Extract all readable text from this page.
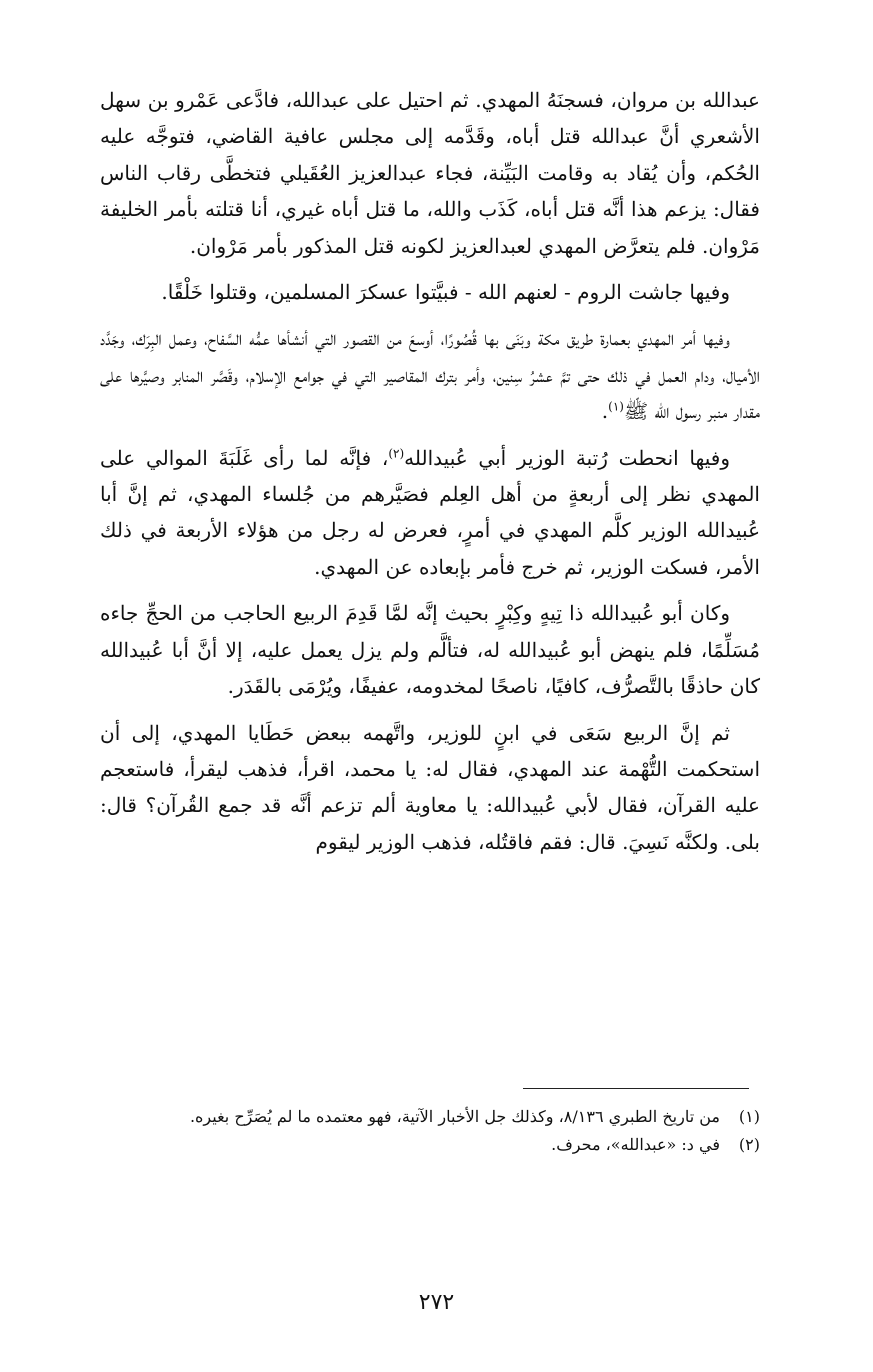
عبدالله بن مروان، فسجنَهُ المهدي. ثم احتيل على عبدالله، فادَّعى عَمْرو بن سهل الأشعري أنَّ عبدالله قتل أباه، وقَدَّمه إلى مجلس عافية القاضي، فتوجَّه عليه الحُكم، وأن يُقاد به وقامت البَيِّنة، فجاء عبدالعزيز العُقَيلي فتخطَّى رقاب الناس فقال: يزعم هذا أنَّه قتل أباه، كَذَب والله، ما قتل أباه غيري، أنا قتلته بأمر الخليفة مَرْوان. فلم يتعرَّض المهدي لعبدالعزيز لكونه قتل المذكور بأمر مَرْوان.

وفيها جاشت الروم - لعنهم الله - فبيَّتوا عسكرَ المسلمين، وقتلوا خَلْقًا.

وفيها أمر المهدي بعمارة طريق مكة وبَنَى بها قُصُورًا، أوسعَ من القصور التي أنشأها عمُّه السَّفاح، وعمل البِرَك، وجَدَّد الأميال، ودام العمل في ذلك حتى تمَّ عشرُ سِنين، وأمر بترك المقاصير التي في جوامع الإسلام، وقَصَّر المنابر وصيَّرها على مقدار منبر رسول الله ﷺ$^{(١)}$.

وفيها انحطت رُتبة الوزير أبي عُبيدالله$^{(٢)}$، فإنَّه لما رأى غَلَبَةَ الموالي على المهدي نظر إلى أربعةٍ من أهل العِلم فصَيَّرهم من جُلساء المهدي، ثم إنَّ أبا عُبيدالله الوزير كلَّم المهدي في أمرٍ، فعرض له رجل من هؤلاء الأربعة في ذلك الأمر، فسكت الوزير، ثم خرج فأمر بإبعاده عن المهدي.

وكان أبو عُبيدالله ذا تِيهٍ وكِبْرٍ بحيث إنَّه لمَّا قَدِمَ الربيع الحاجب من الحجِّ جاءه مُسَلِّمًا، فلم ينهض أبو عُبيدالله له، فتألَّم ولم يزل يعمل عليه، إلا أنَّ أبا عُبيدالله كان حاذقًا بالتَّصرُّف، كافيًا، ناصحًا لمخدومه، عفيفًا، ويُرْمَى بالقَدَر.

ثم إنَّ الربيع سَعَى في ابنٍ للوزير، واتَّهمه ببعض حَطَايا المهدي، إلى أن استحكمت التُّهْمة عند المهدي، فقال له: يا محمد، اقرأ، فذهب ليقرأ، فاستعجم عليه القرآن، فقال لأبي عُبيدالله: يا معاوية ألم تزعم أنَّه قد جمع القُرآن؟ قال: بلى. ولكنَّه نَسِيَ. قال: فقم فاقتُله، فذهب الوزير ليقوم

(١)
من تاريخ الطبري ٨/١٣٦، وكذلك جل الأخبار الآتية، فهو معتمده ما لم يُصَرِّح بغيره.
(٢)
في د: «عبدالله»، محرف.
٢٧٢
